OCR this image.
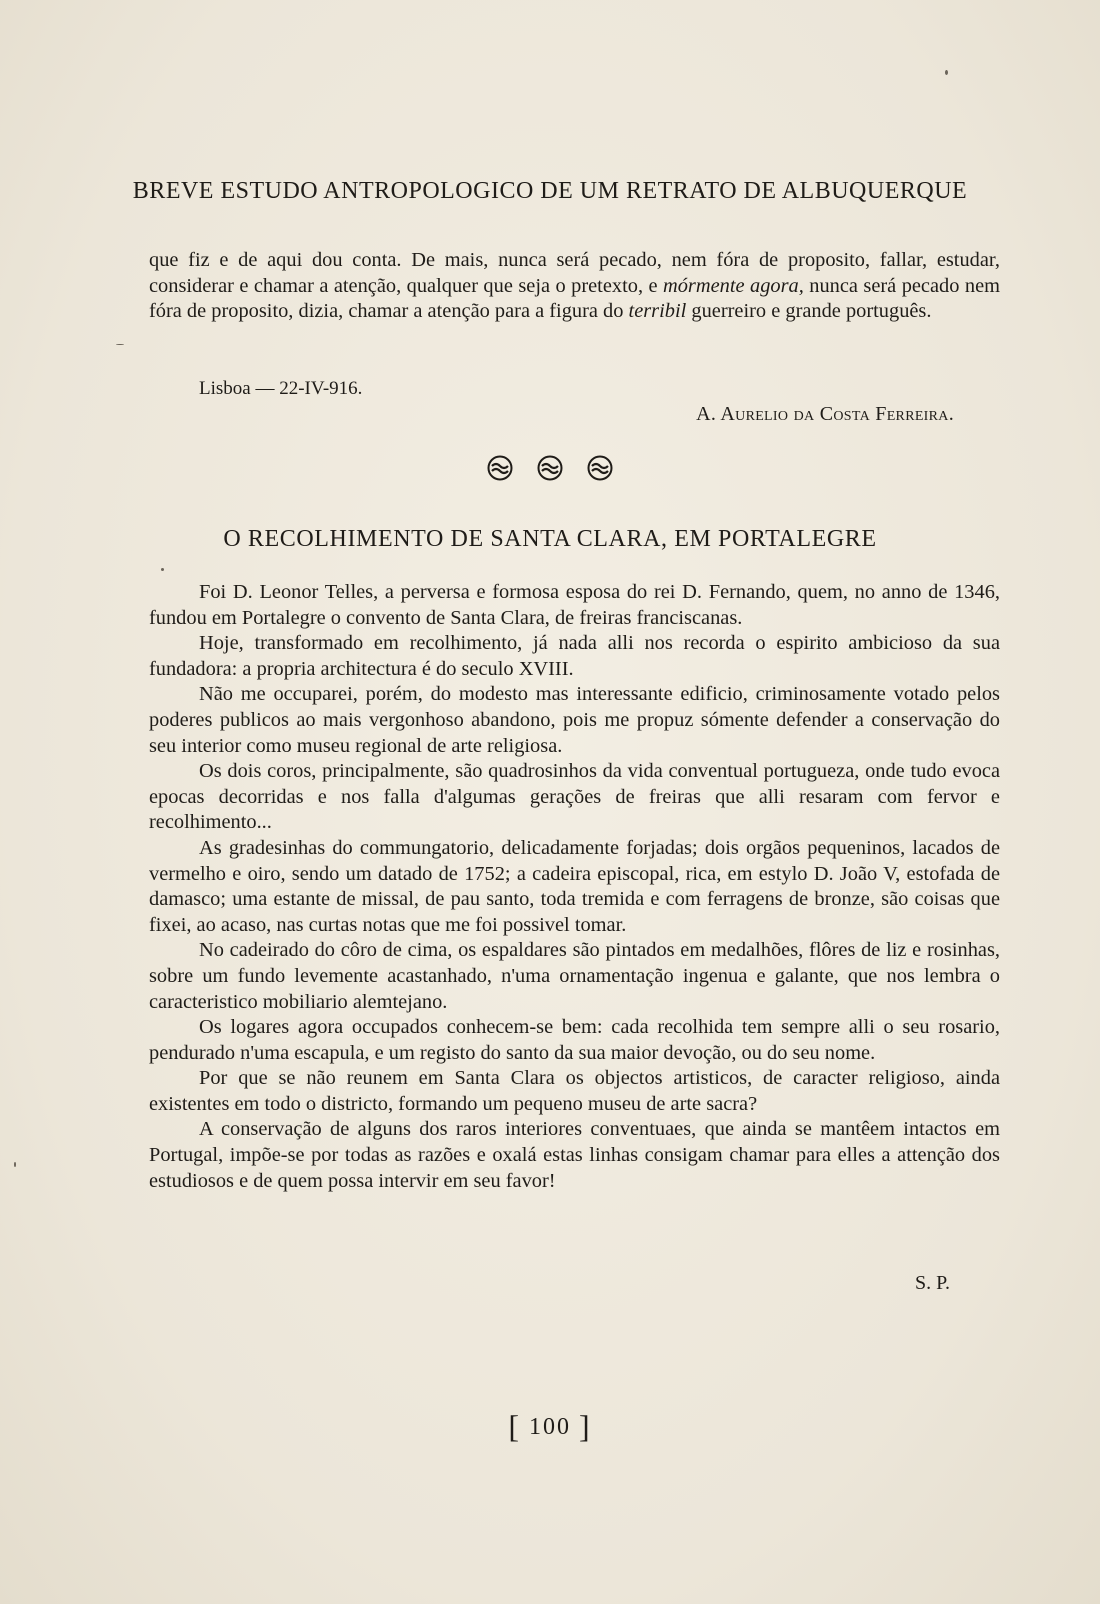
BREVE ESTUDO ANTROPOLOGICO DE UM RETRATO DE ALBUQUERQUE

que fiz e de aqui dou conta. De mais, nunca será pecado, nem fóra de proposito, fallar, estudar, considerar e chamar a atenção, qualquer que seja o pretexto, e mórmente agora, nunca será pecado nem fóra de proposito, dizia, chamar a atenção para a figura do terribil guerreiro e grande português.

Lisboa — 22-IV-916.
A. Aurelio da Costa Ferreira.
O RECOLHIMENTO DE SANTA CLARA, EM PORTALEGRE

Foi D. Leonor Telles, a perversa e formosa esposa do rei D. Fernando, quem, no anno de 1346, fundou em Portalegre o convento de Santa Clara, de freiras franciscanas.

Hoje, transformado em recolhimento, já nada alli nos recorda o espirito ambicioso da sua fundadora: a propria architectura é do seculo XVIII.

Não me occuparei, porém, do modesto mas interessante edificio, criminosamente votado pelos poderes publicos ao mais vergonhoso abandono, pois me propuz sómente defender a conservação do seu interior como museu regional de arte religiosa.

Os dois coros, principalmente, são quadrosinhos da vida conventual portugueza, onde tudo evoca epocas decorridas e nos falla d'algumas gerações de freiras que alli resaram com fervor e recolhimento...

As gradesinhas do commungatorio, delicadamente forjadas; dois orgãos pequeninos, lacados de vermelho e oiro, sendo um datado de 1752; a cadeira episcopal, rica, em estylo D. João V, estofada de damasco; uma estante de missal, de pau santo, toda tremida e com ferragens de bronze, são coisas que fixei, ao acaso, nas curtas notas que me foi possivel tomar.

No cadeirado do côro de cima, os espaldares são pintados em medalhões, flôres de liz e rosinhas, sobre um fundo levemente acastanhado, n'uma ornamentação ingenua e galante, que nos lembra o caracteristico mobiliario alemtejano.

Os logares agora occupados conhecem-se bem: cada recolhida tem sempre alli o seu rosario, pendurado n'uma escapula, e um registo do santo da sua maior devoção, ou do seu nome.

Por que se não reunem em Santa Clara os objectos artisticos, de caracter religioso, ainda existentes em todo o districto, formando um pequeno museu de arte sacra?

A conservação de alguns dos raros interiores conventuaes, que ainda se mantêem intactos em Portugal, impõe-se por todas as razões e oxalá estas linhas consigam chamar para elles a attenção dos estudiosos e de quem possa intervir em seu favor!

S. P.
[ 100 ]
